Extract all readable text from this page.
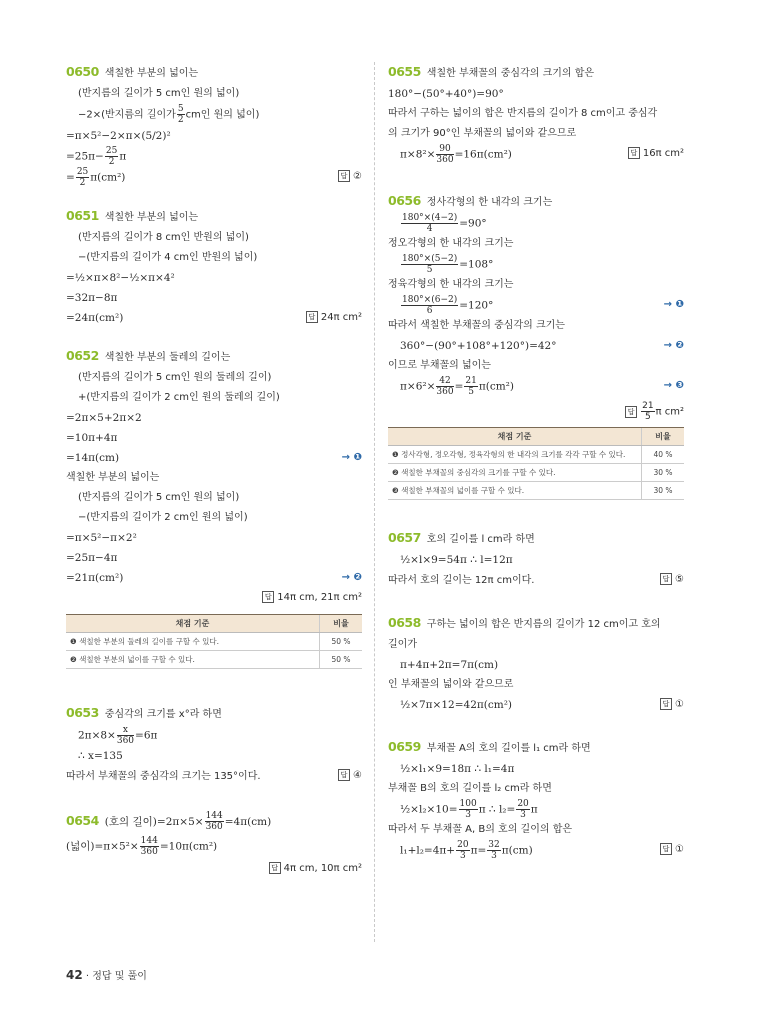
0650 색칠한 부분의 넓이는
(반지름의 길이가 5 cm인 원의 넓이)
−2×(반지름의 길이가 $\frac{5}{2}$ cm인 원의 넓이)
=π×5²−2×π×(5/2)²
$=25\pi- \frac{25}{2}$ π
= $\frac{25}{2} \pi(cm^2)$	답 ②
0651 색칠한 부분의 넓이는
(반지름의 길이가 8 cm인 반원의 넓이)
−(반지름의 길이가 4 cm인 반원의 넓이)
=½×π×8²−½×π×4²
=32π−8π
=24π(cm²)	답 24π cm²
0652 색칠한 부분의 둘레의 길이는
(반지름의 길이가 5 cm인 원의 둘레의 길이)
+(반지름의 길이가 2 cm인 원의 둘레의 길이)
=2π×5+2π×2
=10π+4π
=14π(cm)	→ ❶
색칠한 부분의 넓이는
(반지름의 길이가 5 cm인 원의 넓이)
−(반지름의 길이가 2 cm인 원의 넓이)
=π×5²−π×2²
=25π−4π
=21π(cm²)	→ ❷
답 14π cm, 21π cm²

채점 기준	비율
❶ 색칠한 부분의 둘레의 길이를 구할 수 있다.	50 %
❷ 색칠한 부분의 넓이를 구할 수 있다.	50 %
0653 중심각의 크기를 x°라 하면
$2\pi\times 8\times \frac{x}{360} =6\pi$
∴ x=135
따라서 부채꼴의 중심각의 크기는 135°이다.	답 ④
0654 (호의 길이)$=2\pi\times 5\times \frac{144}{360} =4\pi(cm)$
(넓이)$=\pi\times 5^2\times \frac{144}{360} =10\pi(cm^2)$
답 4π cm, 10π cm²

0655 색칠한 부채꼴의 중심각의 크기의 합은
180°−(50°+40°)=90°
따라서 구하는 넓이의 합은 반지름의 길이가 8 cm이고 중심각
의 크기가 90°인 부채꼴의 넓이와 같으므로
$\pi\times 8^2\times \frac{90}{360} =16\pi(cm^2)$	답 16π cm²
0656 정사각형의 한 내각의 크기는
$\frac{180^\circ\times(4-2)}{4} =90^\circ$
정오각형의 한 내각의 크기는
$\frac{180^\circ\times(5-2)}{5} =108^\circ$
정육각형의 한 내각의 크기는
$\frac{180^\circ\times(6-2)}{6} =120^\circ$	→ ❶
따라서 색칠한 부채꼴의 중심각의 크기는
360°−(90°+108°+120°)=42°	→ ❷
이므로 부채꼴의 넓이는
$\pi\times 6^2\times \frac{42}{360} = \frac{21}{5} \pi(cm^2)$	→ ❸

답 $\frac{21}{5}$ π cm²
채점 기준	비율
❶ 정사각형, 정오각형, 정육각형의 한 내각의 크기를 각각 구할 수 있다.	40 %
❷ 색칠한 부채꼴의 중심각의 크기를 구할 수 있다.	30 %
❸ 색칠한 부채꼴의 넓이를 구할 수 있다.	30 %
0657 호의 길이를 l cm라 하면
½×l×9=54π ∴ l=12π
따라서 호의 길이는 12π cm이다.	답 ⑤
0658 구하는 넓이의 합은 반지름의 길이가 12 cm이고 호의
길이가
π+4π+2π=7π(cm)
인 부채꼴의 넓이와 같으므로
½×7π×12=42π(cm²)	답 ①
0659 부채꼴 A의 호의 길이를 l₁ cm라 하면
½×l₁×9=18π ∴ l₁=4π
부채꼴 B의 호의 길이를 l₂ cm라 하면
½×l₂×10= $\frac{100}{3}$ π ∴ $l_2= \frac{20}{3}$ π
따라서 두 부채꼴 A, B의 호의 길이의 합은
$l_1+l_2=4\pi+ \frac{20}{3} \pi= \frac{32}{3} \pi(cm)$	답 ①
42 · 정답 및 풀이
